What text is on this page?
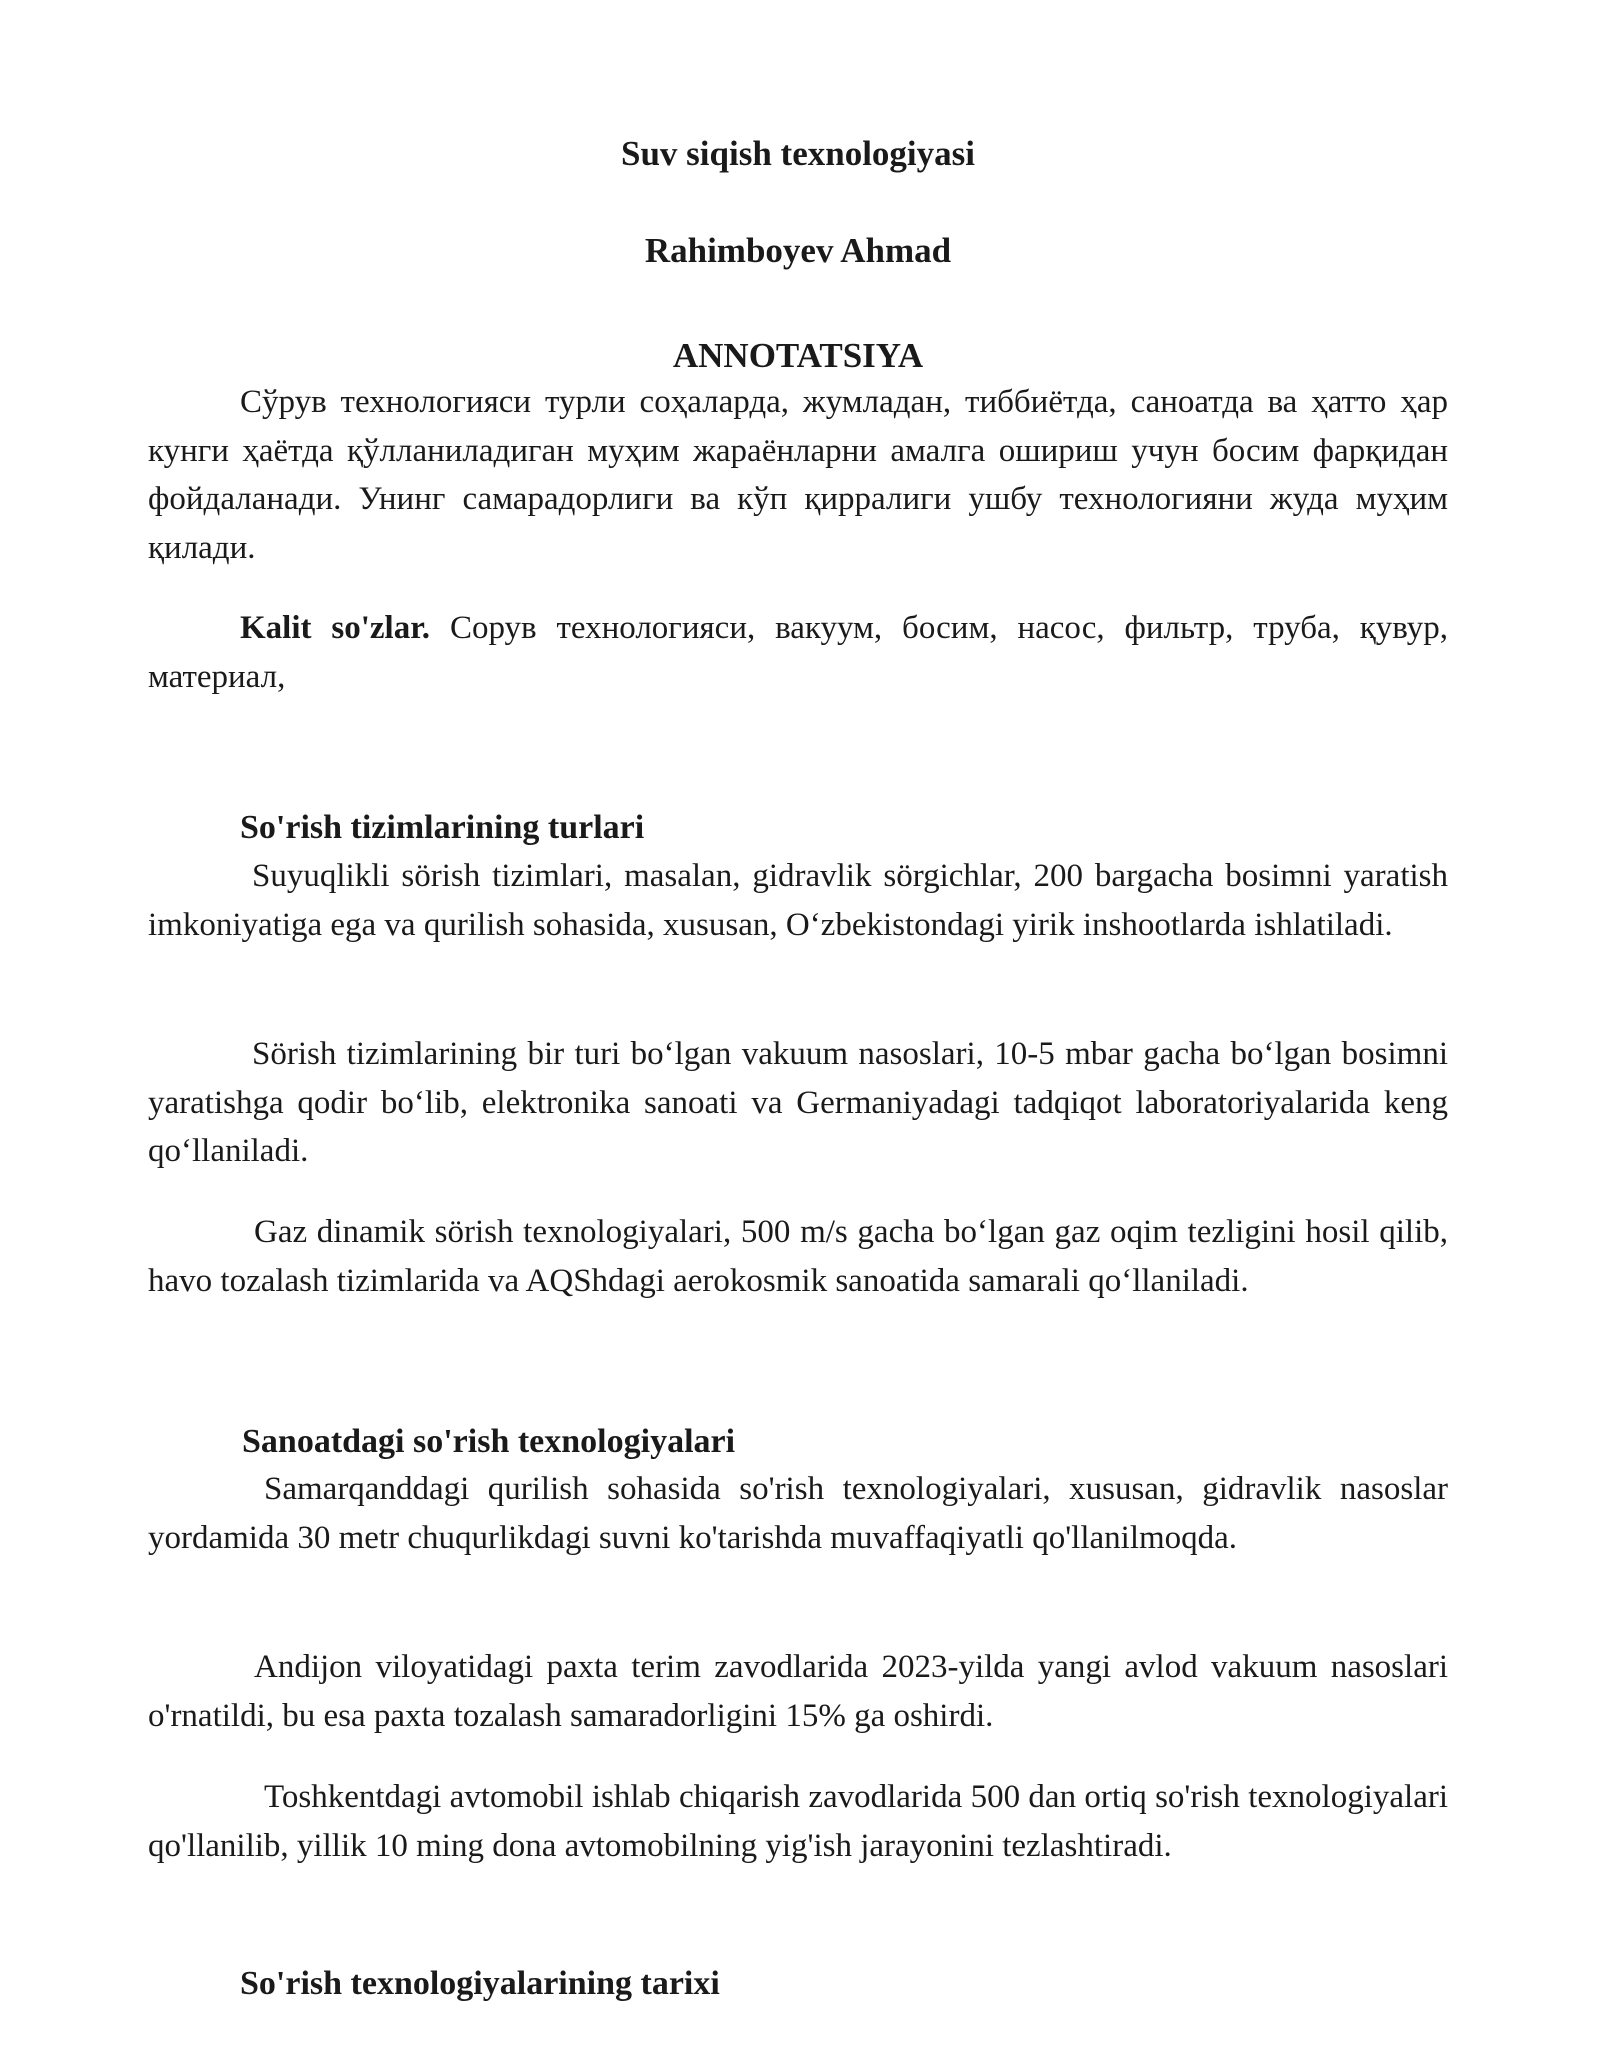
Suv siqish texnologiyasi
Rahimboyev Ahmad
ANNOTATSIYA

Сўрув технологияси турли соҳаларда, жумладан, тиббиётда, саноатда ва ҳатто ҳар кунги ҳаётда қўлланиладиган муҳим жараёнларни амалга ошириш учун босим фарқидан фойдаланади. Унинг самарадорлиги ва кўп қирралиги ушбу технологияни жуда муҳим

қилади.

Kalit so'zlar. Сорув технологияси, вакуум, босим, насос, фильтр, труба, қувур, материал,

So'rish tizimlarining turlari

Suyuqlikli sörish tizimlari, masalan, gidravlik sörgichlar, 200 bargacha bosimni yaratish imkoniyatiga ega va qurilish sohasida, xususan, O‘zbekistondagi yirik inshootlarda ishlatiladi.

Sörish tizimlarining bir turi bo‘lgan vakuum nasoslari, 10-5 mbar gacha bo‘lgan bosimni yaratishga qodir bo‘lib, elektronika sanoati va Germaniyadagi tadqiqot laboratoriyalarida keng qo‘llaniladi.

Gaz dinamik sörish texnologiyalari, 500 m/s gacha bo‘lgan gaz oqim tezligini hosil qilib, havo tozalash tizimlarida va AQShdagi aerokosmik sanoatida samarali qo‘llaniladi.

Sanoatdagi so'rish texnologiyalari

Samarqanddagi qurilish sohasida so'rish texnologiyalari, xususan, gidravlik nasoslar yordamida 30 metr chuqurlikdagi suvni ko'tarishda muvaffaqiyatli qo'llanilmoqda.

Andijon viloyatidagi paxta terim zavodlarida 2023-yilda yangi avlod vakuum nasoslari o'rnatildi, bu esa paxta tozalash samaradorligini 15% ga oshirdi.

Toshkentdagi avtomobil ishlab chiqarish zavodlarida 500 dan ortiq so'rish texnologiyalari qo'llanilib, yillik 10 ming dona avtomobilning yig'ish jarayonini tezlashtiradi.

So'rish texnologiyalarining tarixi
